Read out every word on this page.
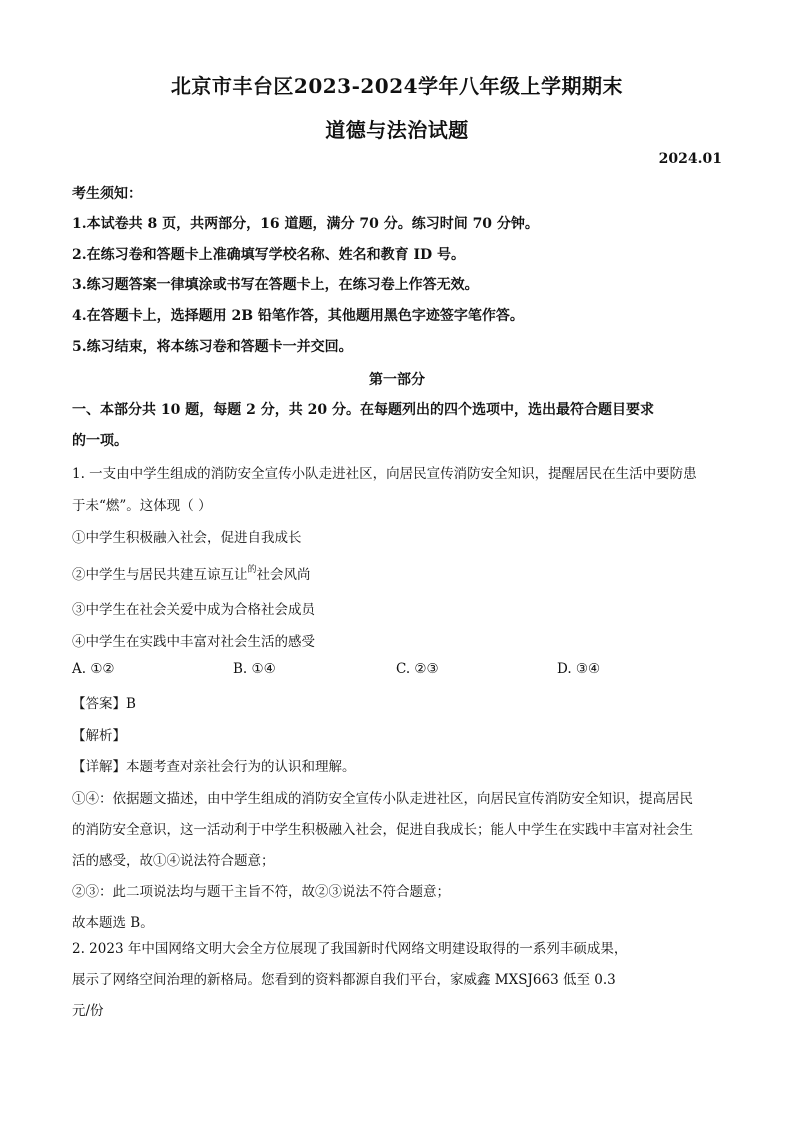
北京市丰台区2023-2024学年八年级上学期期末
道德与法治试题
2024.01
考生须知：
1.本试卷共 8 页，共两部分，16 道题，满分 70 分。练习时间 70 分钟。
2.在练习卷和答题卡上准确填写学校名称、姓名和教育 ID 号。
3.练习题答案一律填涂或书写在答题卡上，在练习卷上作答无效。
4.在答题卡上，选择题用 2B 铅笔作答，其他题用黑色字迹签字笔作答。
5.练习结束，将本练习卷和答题卡一并交回。
第一部分
一、本部分共 10 题，每题 2 分，共 20 分。在每题列出的四个选项中，选出最符合题目要求
的一项。
1. 一支由中学生组成的消防安全宣传小队走进社区，向居民宣传消防安全知识，提醒居民在生活中要防患
于未“燃”。这体现（ ）
①中学生积极融入社会，促进自我成长
②中学生与居民共建互谅互让$^的$社会风尚
③中学生在社会关爱中成为合格社会成员
④中学生在实践中丰富对社会生活的感受
A. ①②	B. ①④	C. ②③	D. ③④
【答案】B
【解析】
【详解】本题考查对亲社会行为的认识和理解。
①④：依据题文描述，由中学生组成的消防安全宣传小队走进社区，向居民宣传消防安全知识，提高居民
的消防安全意识，这一活动利于中学生积极融入社会，促进自我成长；能人中学生在实践中丰富对社会生
活的感受，故①④说法符合题意；
②③：此二项说法均与题干主旨不符，故②③说法不符合题意；
故本题选 B。
2. 2023 年中国网络文明大会全方位展现了我国新时代网络文明建设取得的一系列丰硕成果，
展示了网络空间治理的新格局。您看到的资料都源自我们平台，家威鑫 MXSJ663 低至 0.3
元/份
